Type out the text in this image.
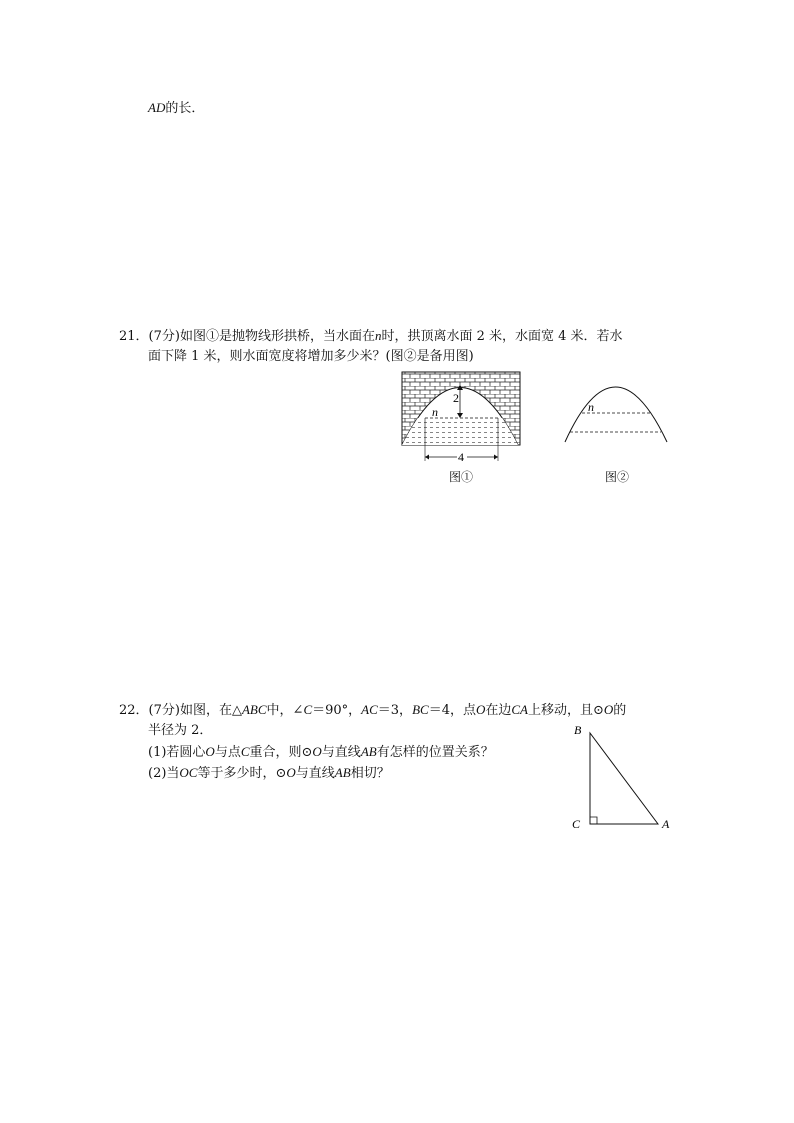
AD的长．
21．(7分)如图①是抛物线形拱桥，当水面在n时，拱顶离水面 2 米，水面宽 4 米．若水
面下降 1 米，则水面宽度将增加多少米？(图②是备用图)
2
n
4
图①
n
图②
22．(7分)如图，在△ABC中，∠C＝90°，AC＝3，BC＝4，点O在边CA上移动，且⊙O的
半径为 2．
(1)若圆心O与点C重合，则⊙O与直线AB有怎样的位置关系？
(2)当OC等于多少时，⊙O与直线AB相切？
B
C	A
